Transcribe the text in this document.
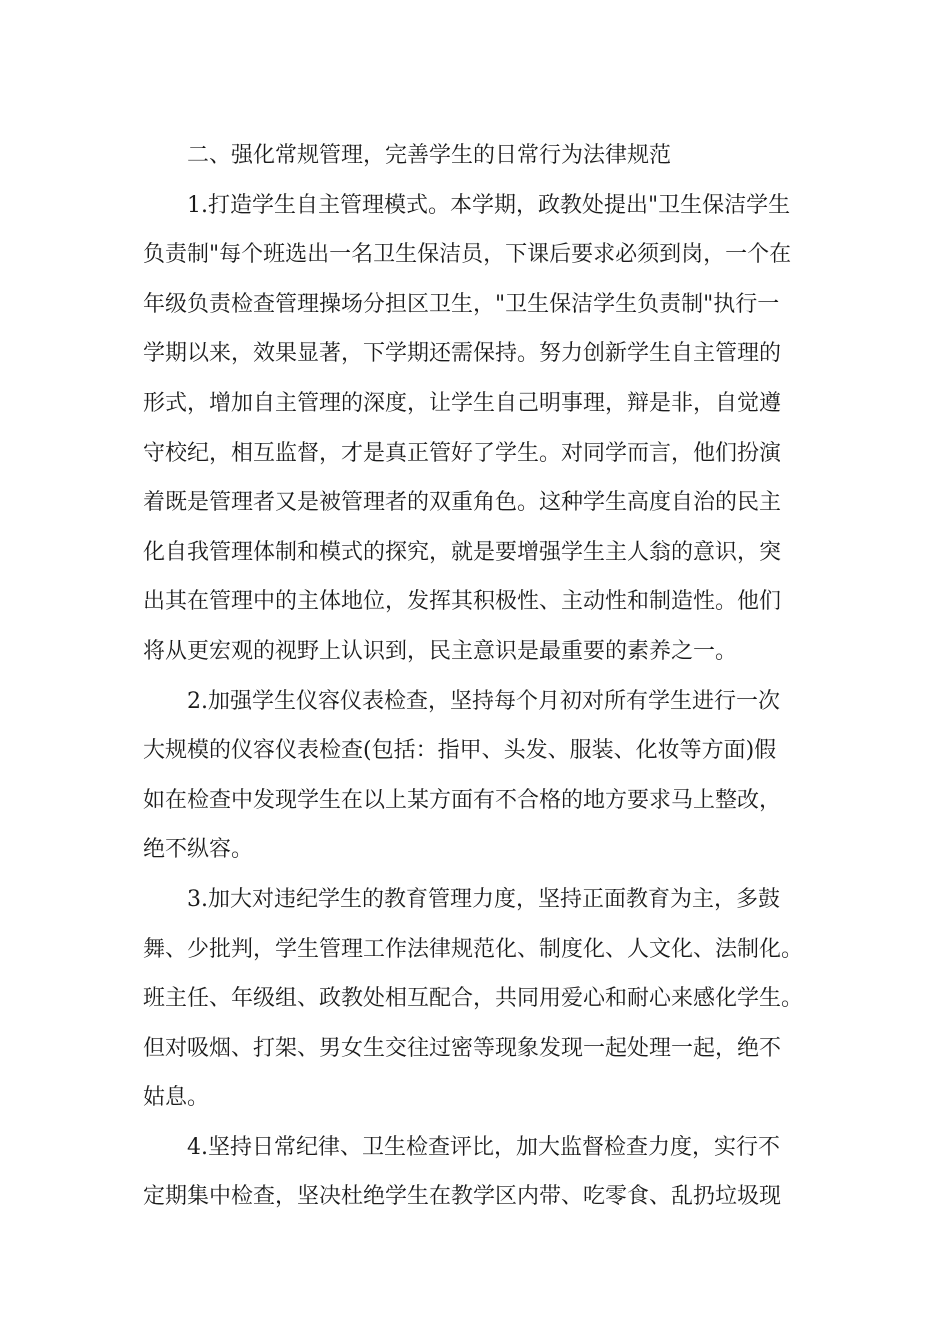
二、强化常规管理，完善学生的日常行为法律规范
1.打造学生自主管理模式。本学期，政教处提出"卫生保洁学生
负责制"每个班选出一名卫生保洁员，下课后要求必须到岗，一个在
年级负责检查管理操场分担区卫生，"卫生保洁学生负责制"执行一
学期以来，效果显著，下学期还需保持。努力创新学生自主管理的
形式，增加自主管理的深度，让学生自己明事理，辩是非，自觉遵
守校纪，相互监督，才是真正管好了学生。对同学而言，他们扮演
着既是管理者又是被管理者的双重角色。这种学生高度自治的民主
化自我管理体制和模式的探究，就是要增强学生主人翁的意识，突
出其在管理中的主体地位，发挥其积极性、主动性和制造性。他们
将从更宏观的视野上认识到，民主意识是最重要的素养之一。
2.加强学生仪容仪表检查，坚持每个月初对所有学生进行一次
大规模的仪容仪表检查(包括：指甲、头发、服装、化妆等方面)假
如在检查中发现学生在以上某方面有不合格的地方要求马上整改，
绝不纵容。
3.加大对违纪学生的教育管理力度，坚持正面教育为主，多鼓
舞、少批判，学生管理工作法律规范化、制度化、人文化、法制化。
班主任、年级组、政教处相互配合，共同用爱心和耐心来感化学生。
但对吸烟、打架、男女生交往过密等现象发现一起处理一起，绝不
姑息。
4.坚持日常纪律、卫生检查评比，加大监督检查力度，实行不
定期集中检查，坚决杜绝学生在教学区内带、吃零食、乱扔垃圾现
